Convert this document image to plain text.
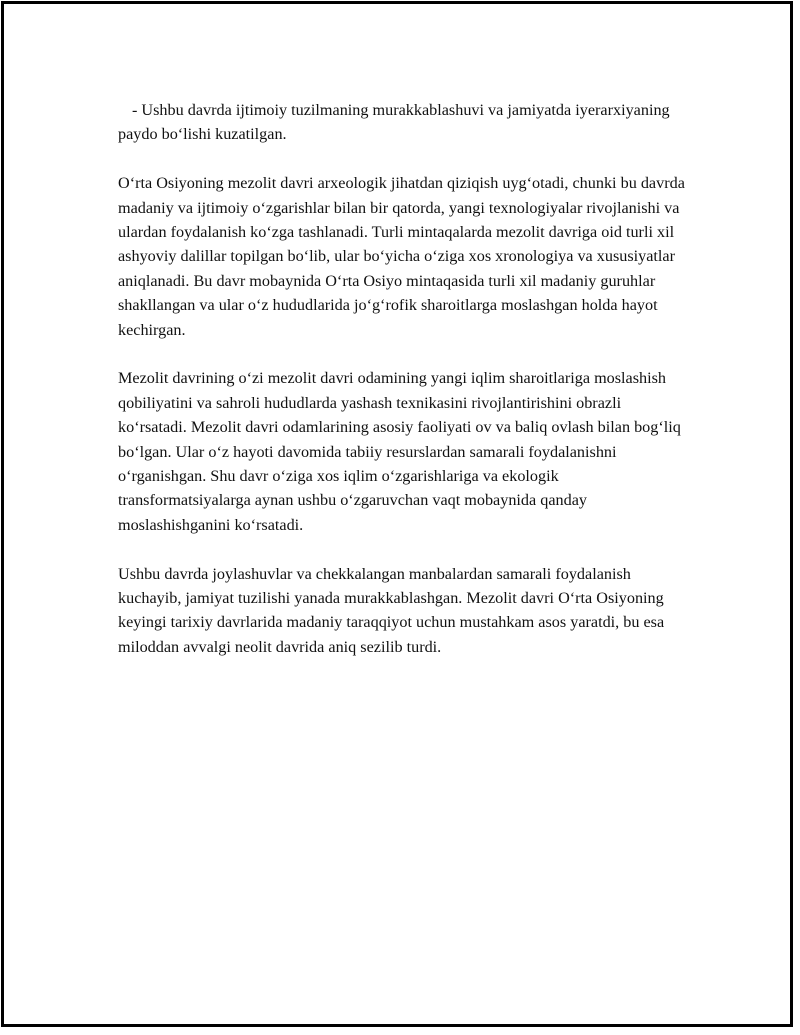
- Ushbu davrda ijtimoiy tuzilmaning murakkablashuvi va jamiyatda iyerarxiyaning paydo boʻlishi kuzatilgan.

Oʻrta Osiyoning mezolit davri arxeologik jihatdan qiziqish uygʻotadi, chunki bu davrda madaniy va ijtimoiy oʻzgarishlar bilan bir qatorda, yangi texnologiyalar rivojlanishi va ulardan foydalanish koʻzga tashlanadi. Turli mintaqalarda mezolit davriga oid turli xil ashyoviy dalillar topilgan boʻlib, ular boʻyicha oʻziga xos xronologiya va xususiyatlar aniqlanadi. Bu davr mobaynida Oʻrta Osiyo mintaqasida turli xil madaniy guruhlar shakllangan va ular oʻz hududlarida joʻgʻrofik sharoitlarga moslashgan holda hayot kechirgan.

Mezolit davrining oʻzi mezolit davri odamining yangi iqlim sharoitlariga moslashish qobiliyatini va sahroli hududlarda yashash texnikasini rivojlantirishini obrazli koʻrsatadi. Mezolit davri odamlarining asosiy faoliyati ov va baliq ovlash bilan bogʻliq boʻlgan. Ular oʻz hayoti davomida tabiiy resurslardan samarali foydalanishni oʻrganishgan. Shu davr oʻziga xos iqlim oʻzgarishlariga va ekologik transformatsiyalarga aynan ushbu oʻzgaruvchan vaqt mobaynida qanday moslashishganini koʻrsatadi.

Ushbu davrda joylashuvlar va chekkalangan manbalardan samarali foydalanish kuchayib, jamiyat tuzilishi yanada murakkablashgan. Mezolit davri Oʻrta Osiyoning keyingi tarixiy davrlarida madaniy taraqqiyot uchun mustahkam asos yaratdi, bu esa miloddan avvalgi neolit davrida aniq sezilib turdi.
